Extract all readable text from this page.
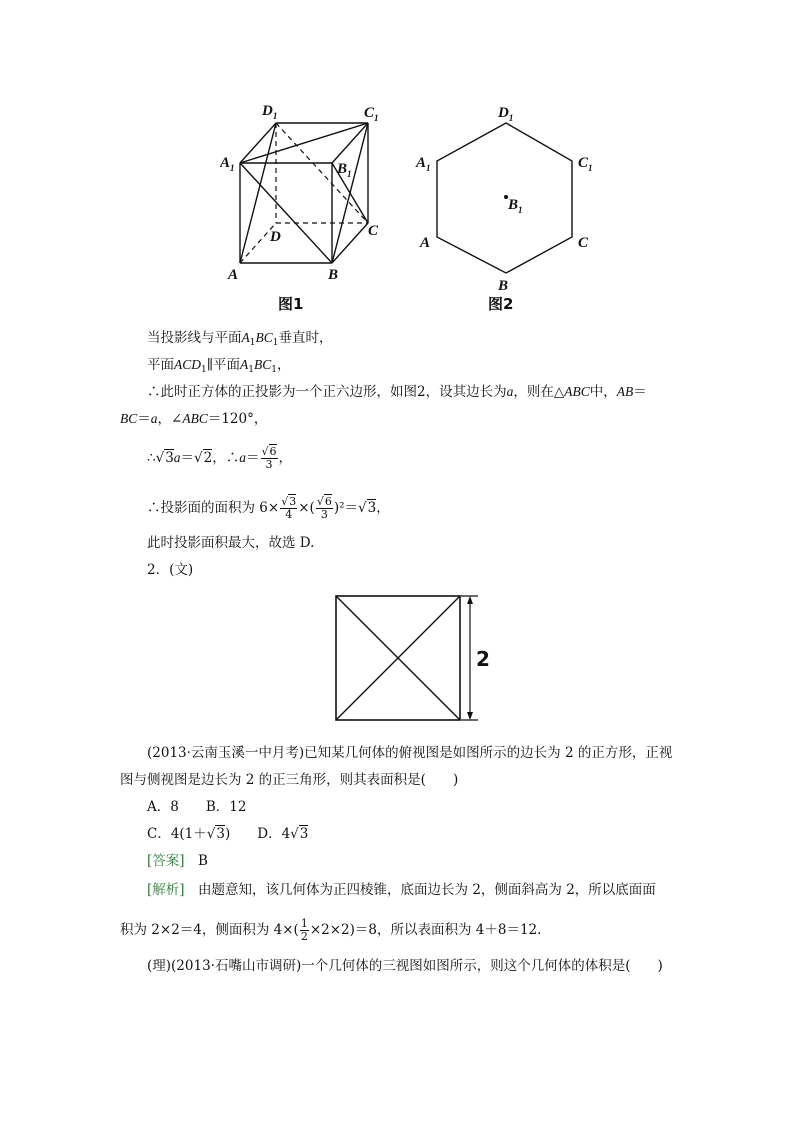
$D_1$	$C_1$
$A_1$	$B_1$
D	C
A	B
图1
$D_1$
$A_1$	$C_1$
$B_1$
A	C
B
图2
当投影线与平面$A_1BC_1$垂直时，
平面$ACD_1\parallel$平面$A_1BC_1$，
∴此时正方体的正投影为一个正六边形，如图2，设其边长为a，则在△ABC中，AB＝
BC＝a，∠ABC＝120°，
∴√3a＝√2，∴a＝ $\frac{√6}{3}$ ，
∴投影面的面积为 $6\times \frac{√3}{4}$ ×( $\frac{√6}{3} )^2=√3$，
此时投影面积最大，故选 D.
2．(文)
2
(2013·云南玉溪一中月考)已知某几何体的俯视图是如图所示的边长为 2 的正方形，正视
图与侧视图是边长为 2 的正三角形，则其表面积是(　　)
A．8　　B．12
C．4(1＋√3)　　D．4√3
[答案]　B
[解析]　由题意知，该几何体为正四棱锥，底面边长为 2，侧面斜高为 2，所以底面面
积为 2×2＝4，侧面积为 $4\times( \frac{1}{2} \times 2\times 2)=8$，所以表面积为 4＋8＝12.
(理)(2013·石嘴山市调研)一个几何体的三视图如图所示，则这个几何体的体积是(　　)
